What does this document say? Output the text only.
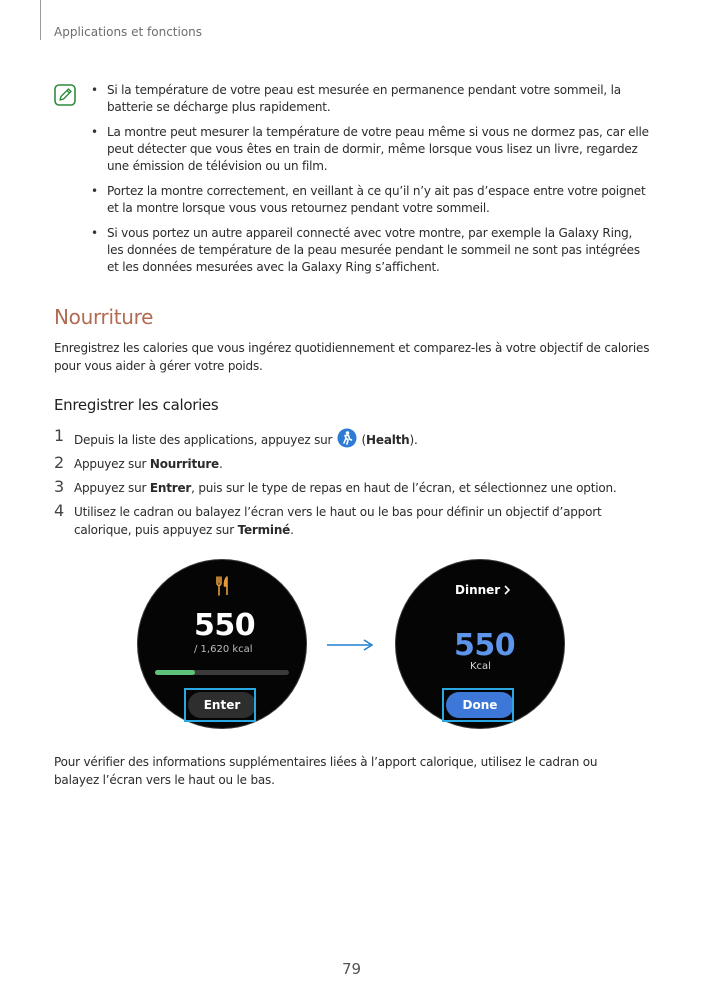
Applications et fonctions
• Si la température de votre peau est mesurée en permanence pendant votre sommeil, la batterie se décharge plus rapidement.
• La montre peut mesurer la température de votre peau même si vous ne dormez pas, car elle peut détecter que vous êtes en train de dormir, même lorsque vous lisez un livre, regardez une émission de télévision ou un film.
• Portez la montre correctement, en veillant à ce qu’il n’y ait pas d’espace entre votre poignet et la montre lorsque vous vous retournez pendant votre sommeil.
• Si vous portez un autre appareil connecté avec votre montre, par exemple la Galaxy Ring, les données de température de la peau mesurée pendant le sommeil ne sont pas intégrées et les données mesurées avec la Galaxy Ring s’affichent.
Nourriture

Enregistrez les calories que vous ingérez quotidiennement et comparez-les à votre objectif de calories pour vous aider à gérer votre poids.

Enregistrer les calories
1 Depuis la liste des applications, appuyez sur  (Health).
2 Appuyez sur Nourriture.
3 Appuyez sur Entrer, puis sur le type de repas en haut de l’écran, et sélectionnez une option.
4 Utilisez le cadran ou balayez l’écran vers le haut ou le bas pour définir un objectif d’apport calorique, puis appuyez sur Terminé.
550
/ 1,620 kcal
Enter
Dinner
550
Kcal
Done

Pour vérifier des informations supplémentaires liées à l’apport calorique, utilisez le cadran ou balayez l’écran vers le haut ou le bas.

79
